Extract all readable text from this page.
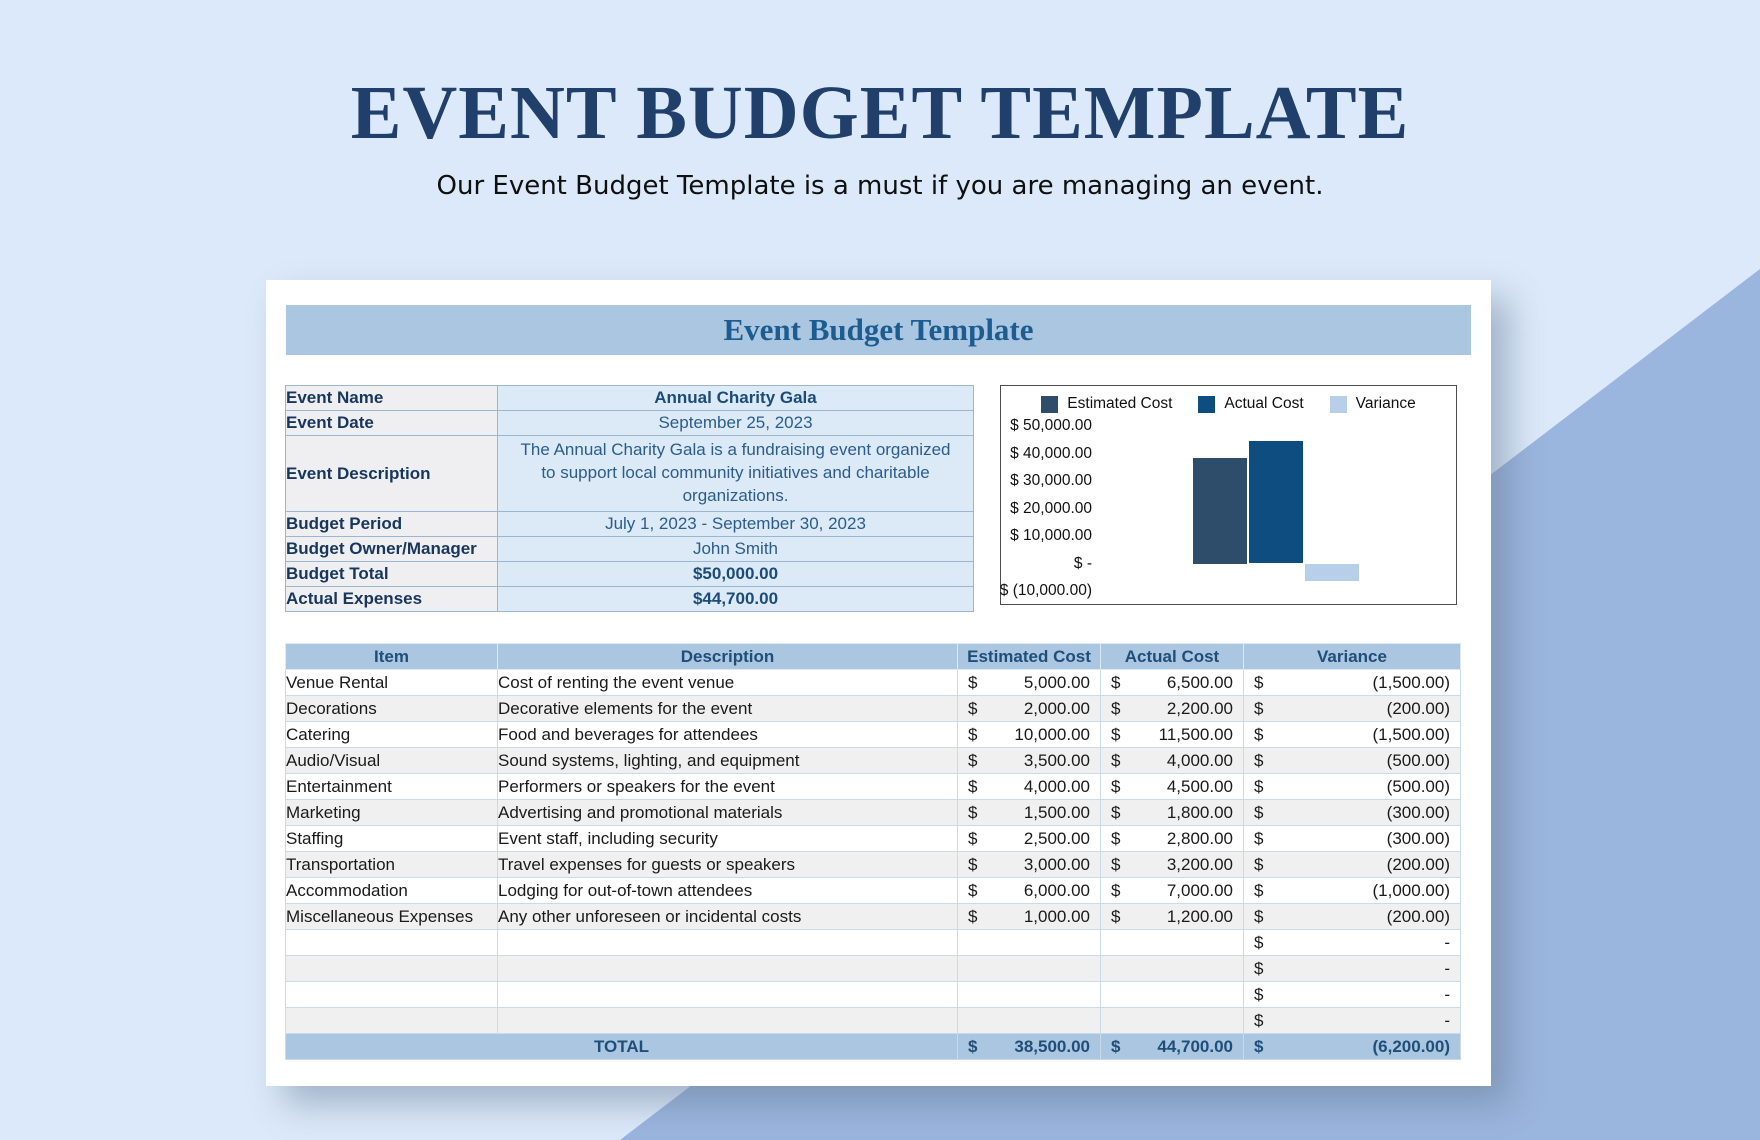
EVENT BUDGET TEMPLATE

Our Event Budget Template is a must if you are managing an event.

Event Budget Template
Event Name	Annual Charity Gala
Event Date	September 25, 2023
Event Description	The Annual Charity Gala is a fundraising event organized to support local community initiatives and charitable organizations.
Budget Period	July 1, 2023 - September 30, 2023
Budget Owner/Manager	John Smith
Budget Total	$50,000.00
Actual Expenses	$44,700.00
Estimated Cost	Actual Cost	Variance
$ 50,000.00
$ 40,000.00
$ 30,000.00
$ 20,000.00
$ 10,000.00
$ -
$ (10,000.00)
Item	Description	Estimated Cost	Actual Cost	Variance
Venue Rental	Cost of renting the event venue	$ 5,000.00	$ 6,500.00	$ (1,500.00)

Decorations	Decorative elements for the event	$ 2,000.00	$ 2,200.00	$ (200.00)

Catering	Food and beverages for attendees	$ 10,000.00	$ 11,500.00	$ (1,500.00)

Audio/Visual	Sound systems, lighting, and equipment	$ 3,500.00	$ 4,000.00	$ (500.00)

Entertainment	Performers or speakers for the event	$ 4,000.00	$ 4,500.00	$ (500.00)

Marketing	Advertising and promotional materials	$ 1,500.00	$ 1,800.00	$ (300.00)

Staffing	Event staff, including security	$ 2,500.00	$ 2,800.00	$ (300.00)

Transportation	Travel expenses for guests or speakers	$ 3,000.00	$ 3,200.00	$ (200.00)

Accommodation	Lodging for out-of-town attendees	$ 6,000.00	$ 7,000.00	$ (1,000.00)

Miscellaneous Expenses	Any other unforeseen or incidental costs	$ 1,000.00	$ 1,200.00	$ (200.00)

				$ -

				$ -

				$ -

				$ -

TOTAL		$ 38,500.00	$ 44,700.00	$ (6,200.00)
